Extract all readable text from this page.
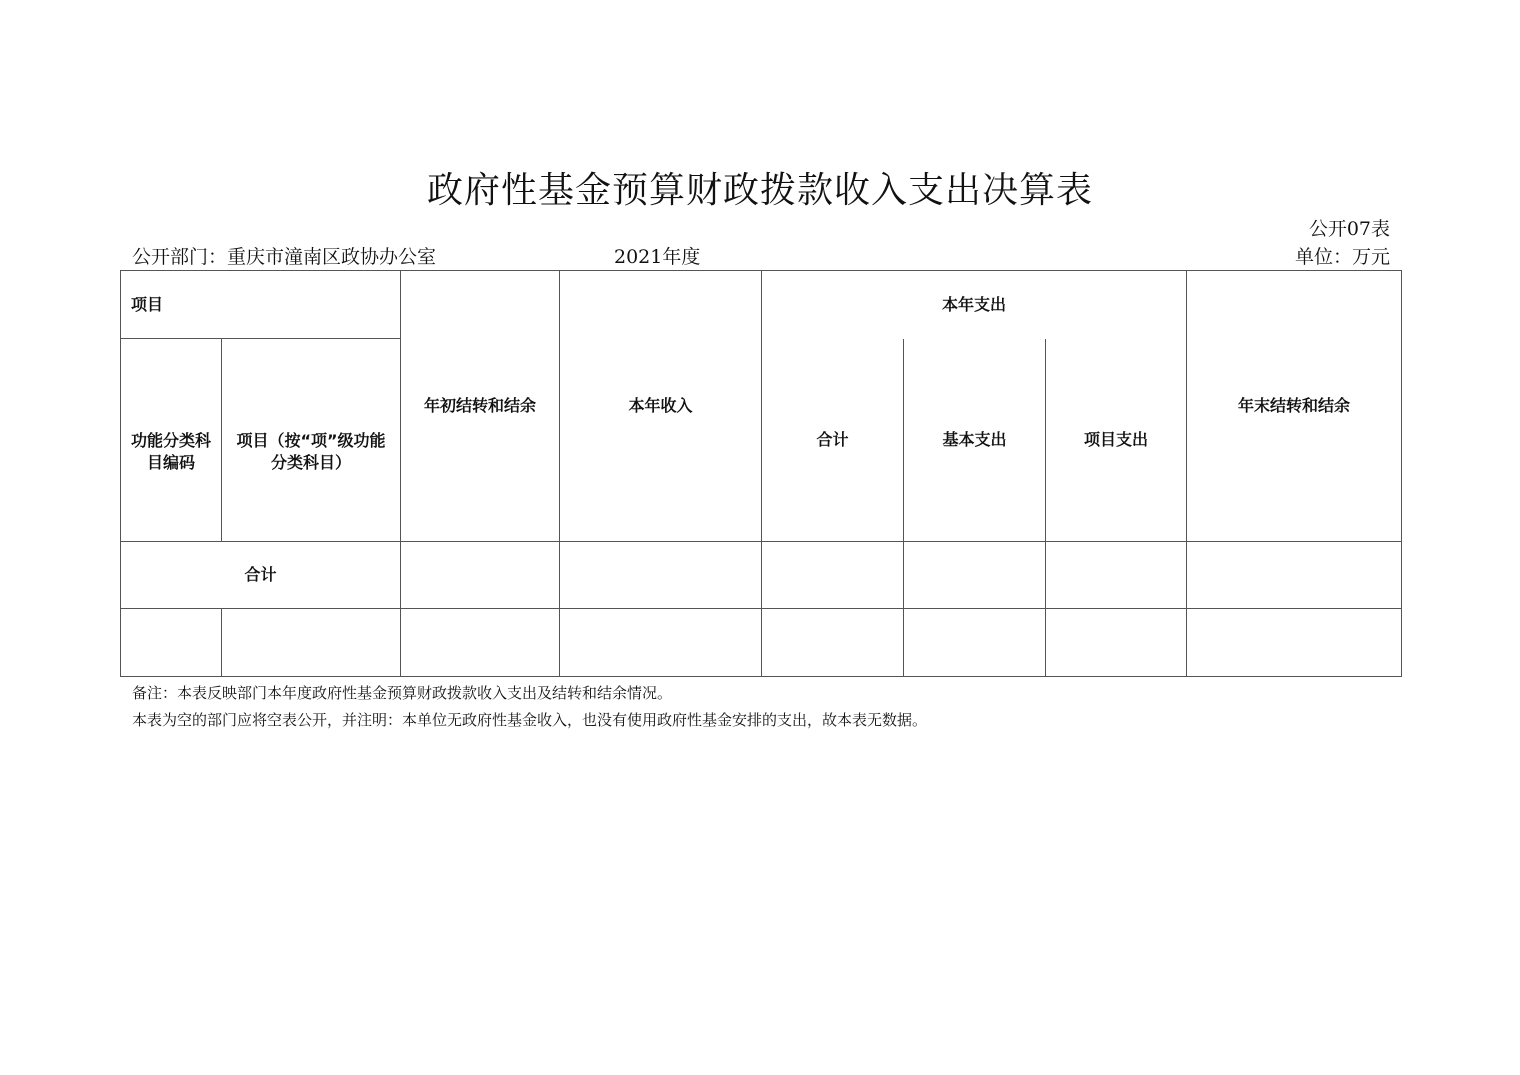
政府性基金预算财政拨款收入支出决算表
公开07表
公开部门：重庆市潼南区政协办公室	2021年度	单位：万元
项目		年初结转和结余	本年收入	本年支出			年末结转和结余

功能分类科目编码	项目（按“项”级功能分类科目）			合计	基本支出	项目支出	

合计							

备注：本表反映部门本年度政府性基金预算财政拨款收入支出及结转和结余情况。
本表为空的部门应将空表公开，并注明：本单位无政府性基金收入，也没有使用政府性基金安排的支出，故本表无数据。
